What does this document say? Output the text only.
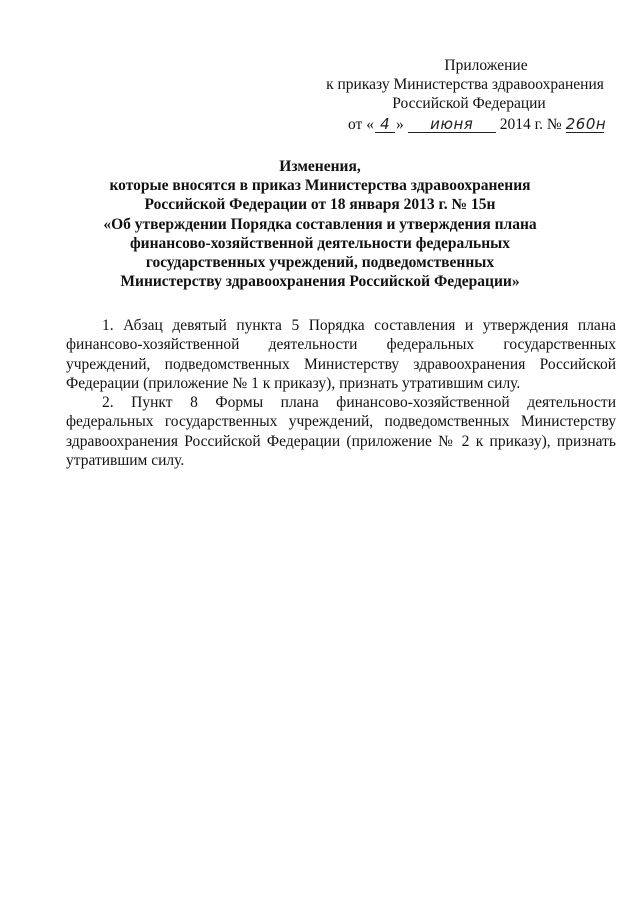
Приложение
к приказу Министерства здравоохранения
Российской Федерации
от « 4 » июня 2014 г. № 260н
Изменения,
которые вносятся в приказ Министерства здравоохранения
Российской Федерации от 18 января 2013 г. № 15н
«Об утверждении Порядка составления и утверждения плана
финансово-хозяйственной деятельности федеральных
государственных учреждений, подведомственных
Министерству здравоохранения Российской Федерации»

1. Абзац девятый пункта 5 Порядка составления и утверждения плана финансово-хозяйственной деятельности федеральных государственных учреждений, подведомственных Министерству здравоохранения Российской Федерации (приложение № 1 к приказу), признать утратившим силу.

2. Пункт 8 Формы плана финансово-хозяйственной деятельности федеральных государственных учреждений, подведомственных Министерству здравоохранения Российской Федерации (приложение № 2 к приказу), признать утратившим силу.
